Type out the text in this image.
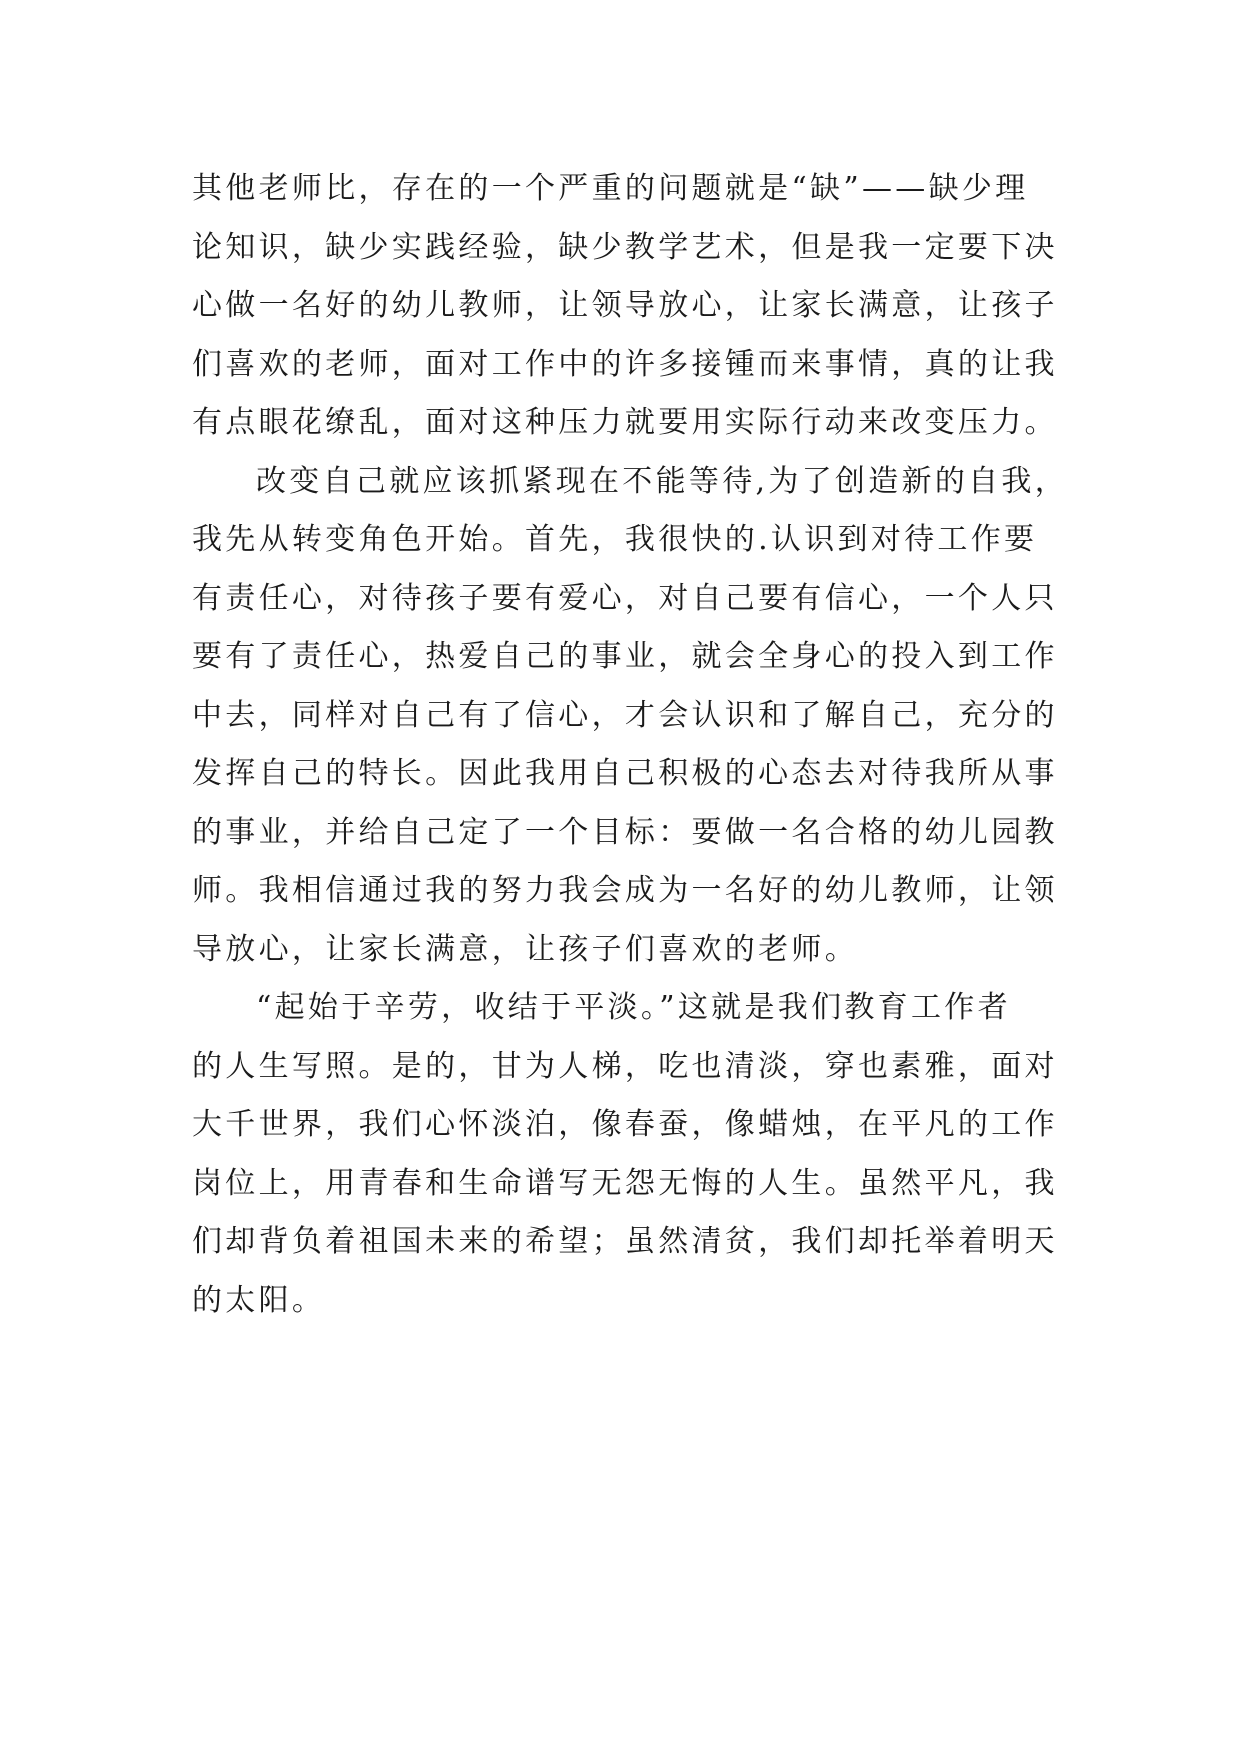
其他老师比，存在的一个严重的问题就是“缺”——缺少理
论知识，缺少实践经验，缺少教学艺术，但是我一定要下决
心做一名好的幼儿教师，让领导放心，让家长满意，让孩子
们喜欢的老师，面对工作中的许多接锺而来事情，真的让我
有点眼花缭乱，面对这种压力就要用实际行动来改变压力。
改变自己就应该抓紧现在不能等待,为了创造新的自我，
我先从转变角色开始。首先，我很快的.认识到对待工作要
有责任心，对待孩子要有爱心，对自己要有信心，一个人只
要有了责任心，热爱自己的事业，就会全身心的投入到工作
中去，同样对自己有了信心，才会认识和了解自己，充分的
发挥自己的特长。因此我用自己积极的心态去对待我所从事
的事业，并给自己定了一个目标：要做一名合格的幼儿园教
师。我相信通过我的努力我会成为一名好的幼儿教师，让领
导放心，让家长满意，让孩子们喜欢的老师。
“起始于辛劳，收结于平淡。”这就是我们教育工作者
的人生写照。是的，甘为人梯，吃也清淡，穿也素雅，面对
大千世界，我们心怀淡泊，像春蚕，像蜡烛，在平凡的工作
岗位上，用青春和生命谱写无怨无悔的人生。虽然平凡，我
们却背负着祖国未来的希望；虽然清贫，我们却托举着明天
的太阳。
